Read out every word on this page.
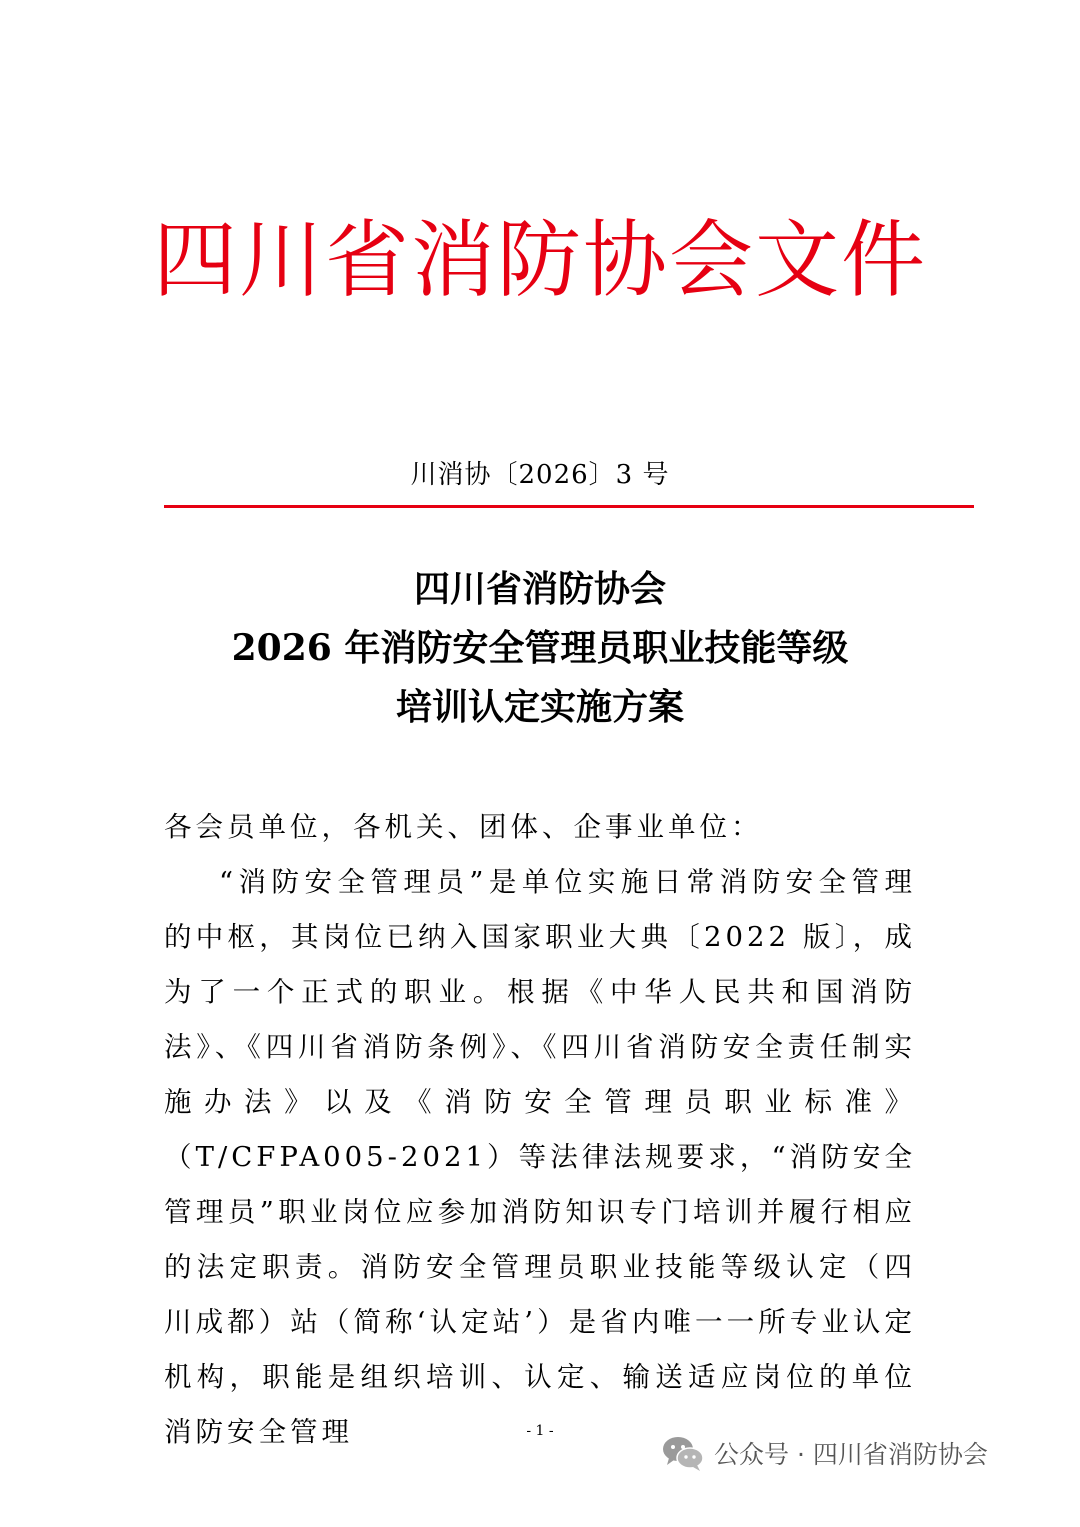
四川省消防协会文件
川消协〔2026〕3 号
四川省消防协会
2026 年消防安全管理员职业技能等级
培训认定实施方案

各会员单位，各机关、团体、企事业单位：

“消防安全管理员”是单位实施日常消防安全管理的中枢，其岗位已纳入国家职业大典〔2022 版〕，成为了一个正式的职业。根据《中华人民共和国消防法》、《四川省消防条例》、《四川省消防安全责任制实施办法》以及《消防安全管理员职业标准》（T/CFPA005-2021）等法律法规要求，“消防安全管理员”职业岗位应参加消防知识专门培训并履行相应的法定职责。消防安全管理员职业技能等级认定（四川成都）站（简称‘认定站’）是省内唯一一所专业认定机构，职能是组织培训、认定、输送适应岗位的单位消防安全管理	- 1 -
公众号 · 四川省消防协会
